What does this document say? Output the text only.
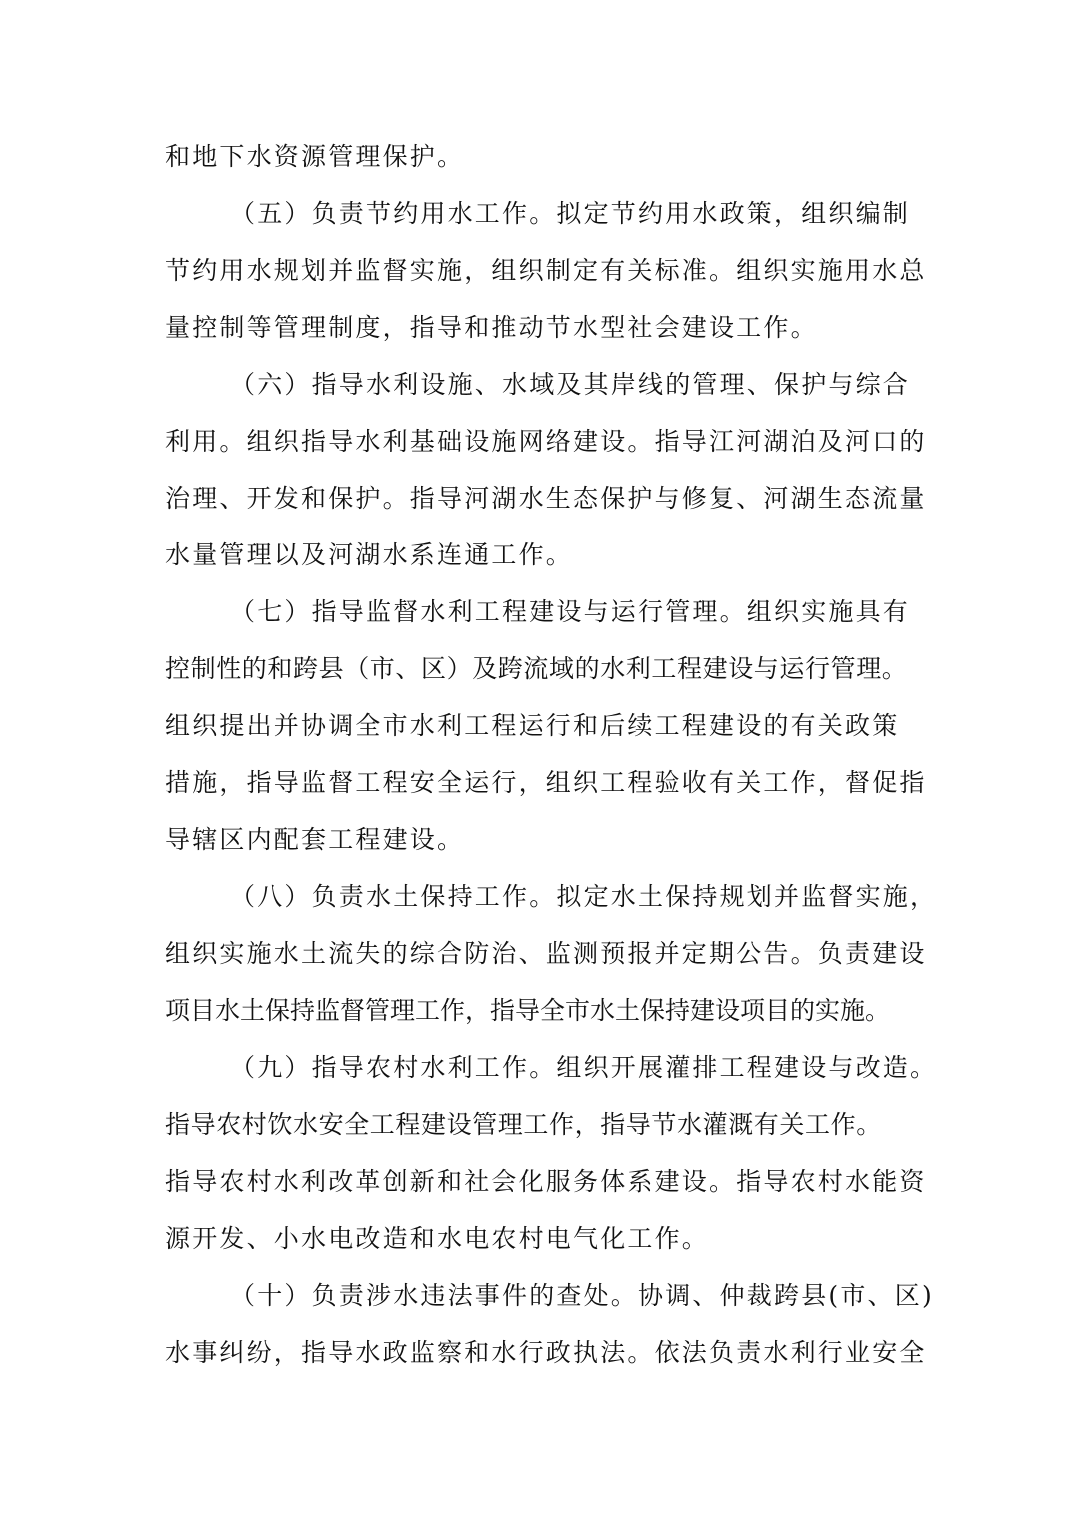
和地下水资源管理保护。
（五）负责节约用水工作。拟定节约用水政策，组织编制
节约用水规划并监督实施，组织制定有关标准。组织实施用水总
量控制等管理制度，指导和推动节水型社会建设工作。
（六）指导水利设施、水域及其岸线的管理、保护与综合
利用。组织指导水利基础设施网络建设。指导江河湖泊及河口的
治理、开发和保护。指导河湖水生态保护与修复、河湖生态流量
水量管理以及河湖水系连通工作。
（七）指导监督水利工程建设与运行管理。组织实施具有
控制性的和跨县（市、区）及跨流域的水利工程建设与运行管理。
组织提出并协调全市水利工程运行和后续工程建设的有关政策
措施，指导监督工程安全运行，组织工程验收有关工作，督促指
导辖区内配套工程建设。
（八）负责水土保持工作。拟定水土保持规划并监督实施，
组织实施水土流失的综合防治、监测预报并定期公告。负责建设
项目水土保持监督管理工作，指导全市水土保持建设项目的实施。
（九）指导农村水利工作。组织开展灌排工程建设与改造。
指导农村饮水安全工程建设管理工作，指导节水灌溉有关工作。
指导农村水利改革创新和社会化服务体系建设。指导农村水能资
源开发、小水电改造和水电农村电气化工作。
（十）负责涉水违法事件的查处。协调、仲裁跨县(市、区)
水事纠纷，指导水政监察和水行政执法。依法负责水利行业安全
